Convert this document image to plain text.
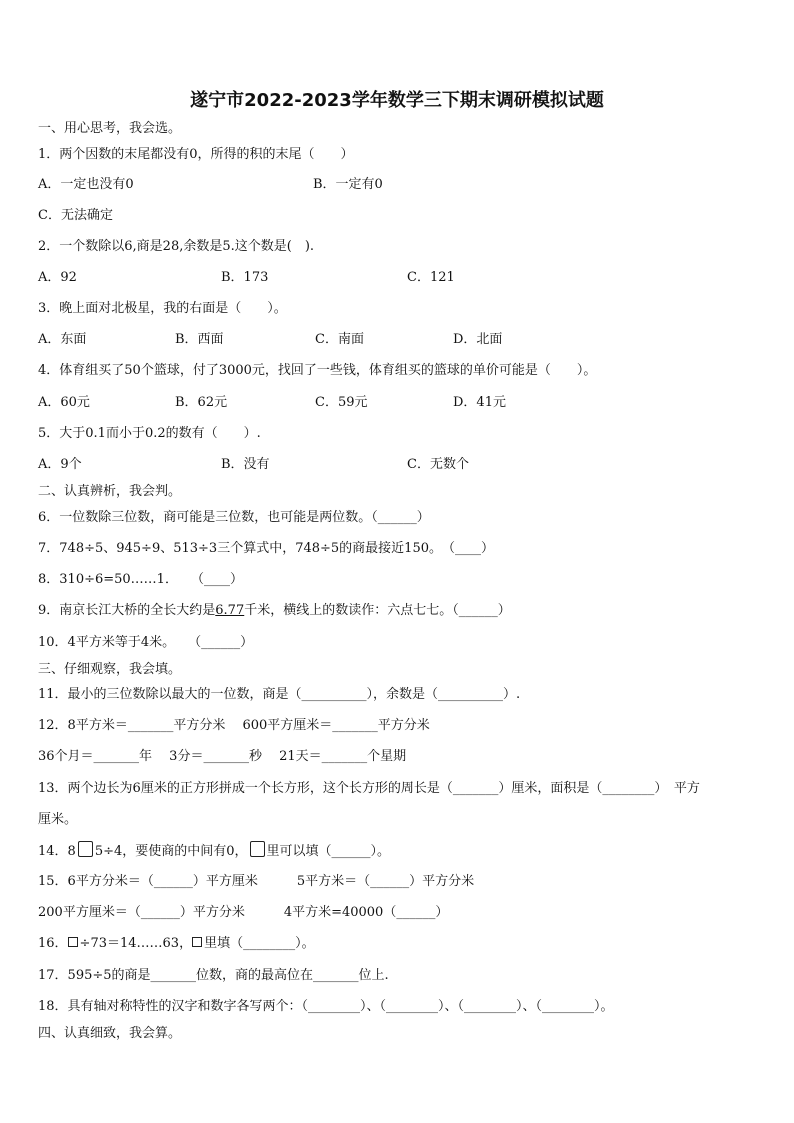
遂宁市2022-2023学年数学三下期末调研模拟试题
一、用心思考，我会选。
1．两个因数的末尾都没有0，所得的积的末尾（　　）
A．一定也没有0	B．一定有0
C．无法确定
2．一个数除以6,商是28,余数是5.这个数是(　).
A．92	B．173	C．121
3．晚上面对北极星，我的右面是（　　）。
A．东面	B．西面	C．南面	D．北面
4．体育组买了50个篮球，付了3000元，找回了一些钱，体育组买的篮球的单价可能是（　　）。
A．60元	B．62元	C．59元	D．41元
5．大于0.1而小于0.2的数有（　　）.
A．9个	B．没有	C．无数个
二、认真辨析，我会判。
6．一位数除三位数，商可能是三位数，也可能是两位数。（______）
7．748÷5、945÷9、513÷3三个算式中，748÷5的商最接近150。　（____）
8．310÷6=50……1．　　（____）
9．南京长江大桥的全长大约是6.77千米，横线上的数读作：六点七七。（______）
10．4平方米等于4米。　　（______）
三、仔细观察，我会填。
11．最小的三位数除以最大的一位数，商是（__________），余数是（__________）.
12．8平方米＝_______平方分米　 600平方厘米＝_______平方分米
36个月＝_______年　 3分＝_______秒　 21天＝_______个星期
13．两个边长为6厘米的正方形拼成一个长方形，这个长方形的周长是（_______）厘米，面积是（________）　平方
厘米。
14．8 5÷4，要使商的中间有0， 里可以填（______）。
15．6平方分米＝（______）平方厘米　　　5平方米＝（______）平方分米
200平方厘米＝（______）平方分米　　　4平方米=40000（______）
16． ÷73＝14……63， 里填（________）。
17．595÷5的商是_______位数，商的最高位在_______位上.
18．具有轴对称特性的汉字和数字各写两个：（________）、（________）、（________）、（________）。
四、认真细致，我会算。
